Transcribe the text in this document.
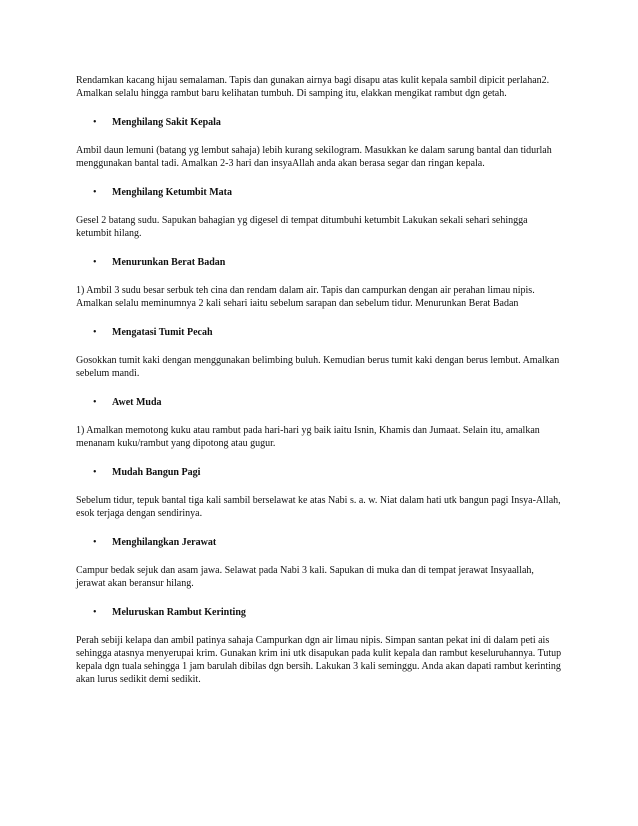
Rendamkan kacang hijau semalaman. Tapis dan gunakan airnya bagi disapu atas kulit kepala sambil dipicit perlahan2. Amalkan selalu hingga rambut baru kelihatan tumbuh. Di samping itu, elakkan mengikat rambut dgn getah.

• Menghilang Sakit Kepala

Ambil daun lemuni (batang yg lembut sahaja) lebih kurang sekilogram. Masukkan ke dalam sarung bantal dan tidurlah menggunakan bantal tadi. Amalkan 2-3 hari dan insyaAllah anda akan berasa segar dan ringan kepala.

• Menghilang Ketumbit Mata

Gesel 2 batang sudu. Sapukan bahagian yg digesel di tempat ditumbuhi ketumbit Lakukan sekali sehari sehingga ketumbit hilang.

• Menurunkan Berat Badan

1) Ambil 3 sudu besar serbuk teh cina dan rendam dalam air. Tapis dan campurkan dengan air perahan limau nipis. Amalkan selalu meminumnya 2 kali sehari iaitu sebelum sarapan dan sebelum tidur. Menurunkan Berat Badan

• Mengatasi Tumit Pecah

Gosokkan tumit kaki dengan menggunakan belimbing buluh. Kemudian berus tumit kaki dengan berus lembut. Amalkan sebelum mandi.

• Awet Muda

1) Amalkan memotong kuku atau rambut pada hari-hari yg baik iaitu Isnin, Khamis dan Jumaat. Selain itu, amalkan menanam kuku/rambut yang dipotong atau gugur.

• Mudah Bangun Pagi

Sebelum tidur, tepuk bantal tiga kali sambil berselawat ke atas Nabi s. a. w. Niat dalam hati utk bangun pagi Insya-Allah, esok terjaga dengan sendirinya.

• Menghilangkan Jerawat

Campur bedak sejuk dan asam jawa. Selawat pada Nabi 3 kali. Sapukan di muka dan di tempat jerawat Insyaallah, jerawat akan beransur hilang.

• Meluruskan Rambut Kerinting

Perah sebiji kelapa dan ambil patinya sahaja Campurkan dgn air limau nipis. Simpan santan pekat ini di dalam peti ais sehingga atasnya menyerupai krim. Gunakan krim ini utk disapukan pada kulit kepala dan rambut keseluruhannya. Tutup kepala dgn tuala sehingga 1 jam barulah dibilas dgn bersih. Lakukan 3 kali seminggu. Anda akan dapati rambut kerinting akan lurus sedikit demi sedikit.
